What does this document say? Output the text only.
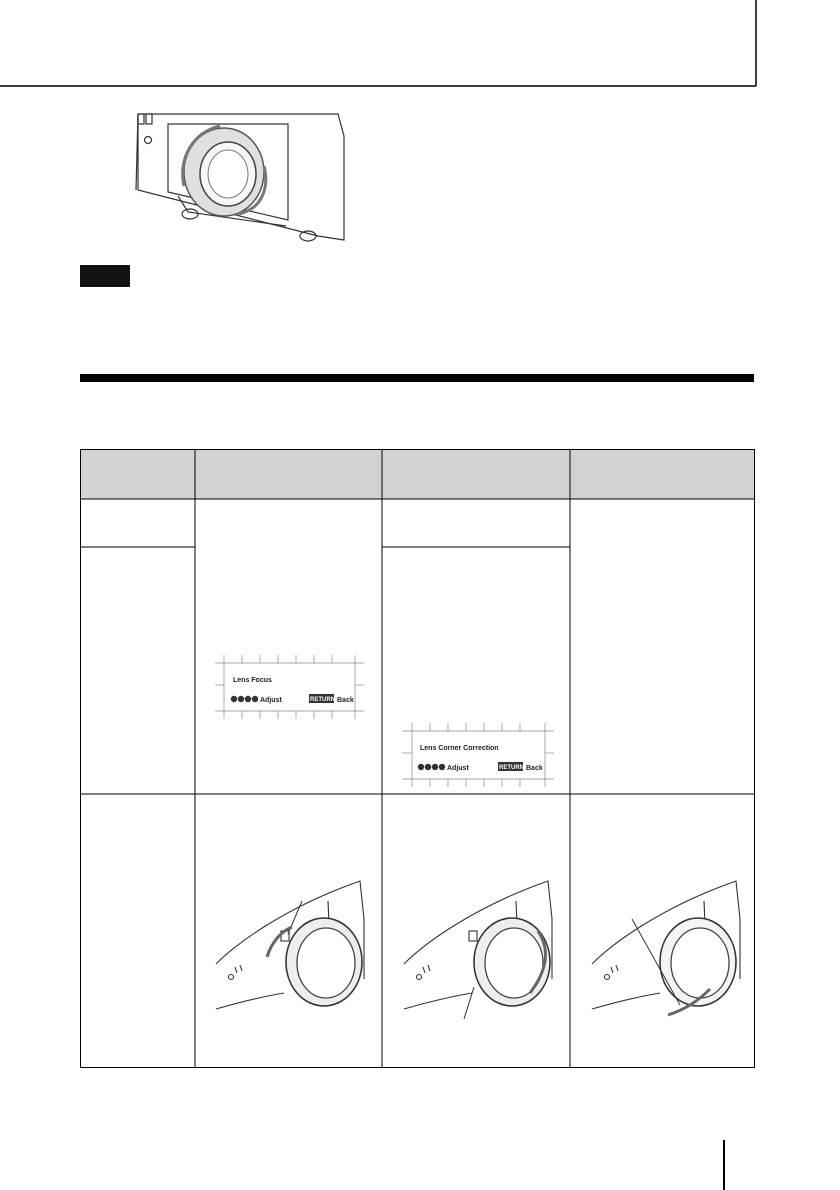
Lens Focus
Adjust	RETURN Back
Lens Corner Correction
Adjust	RETURN Back
